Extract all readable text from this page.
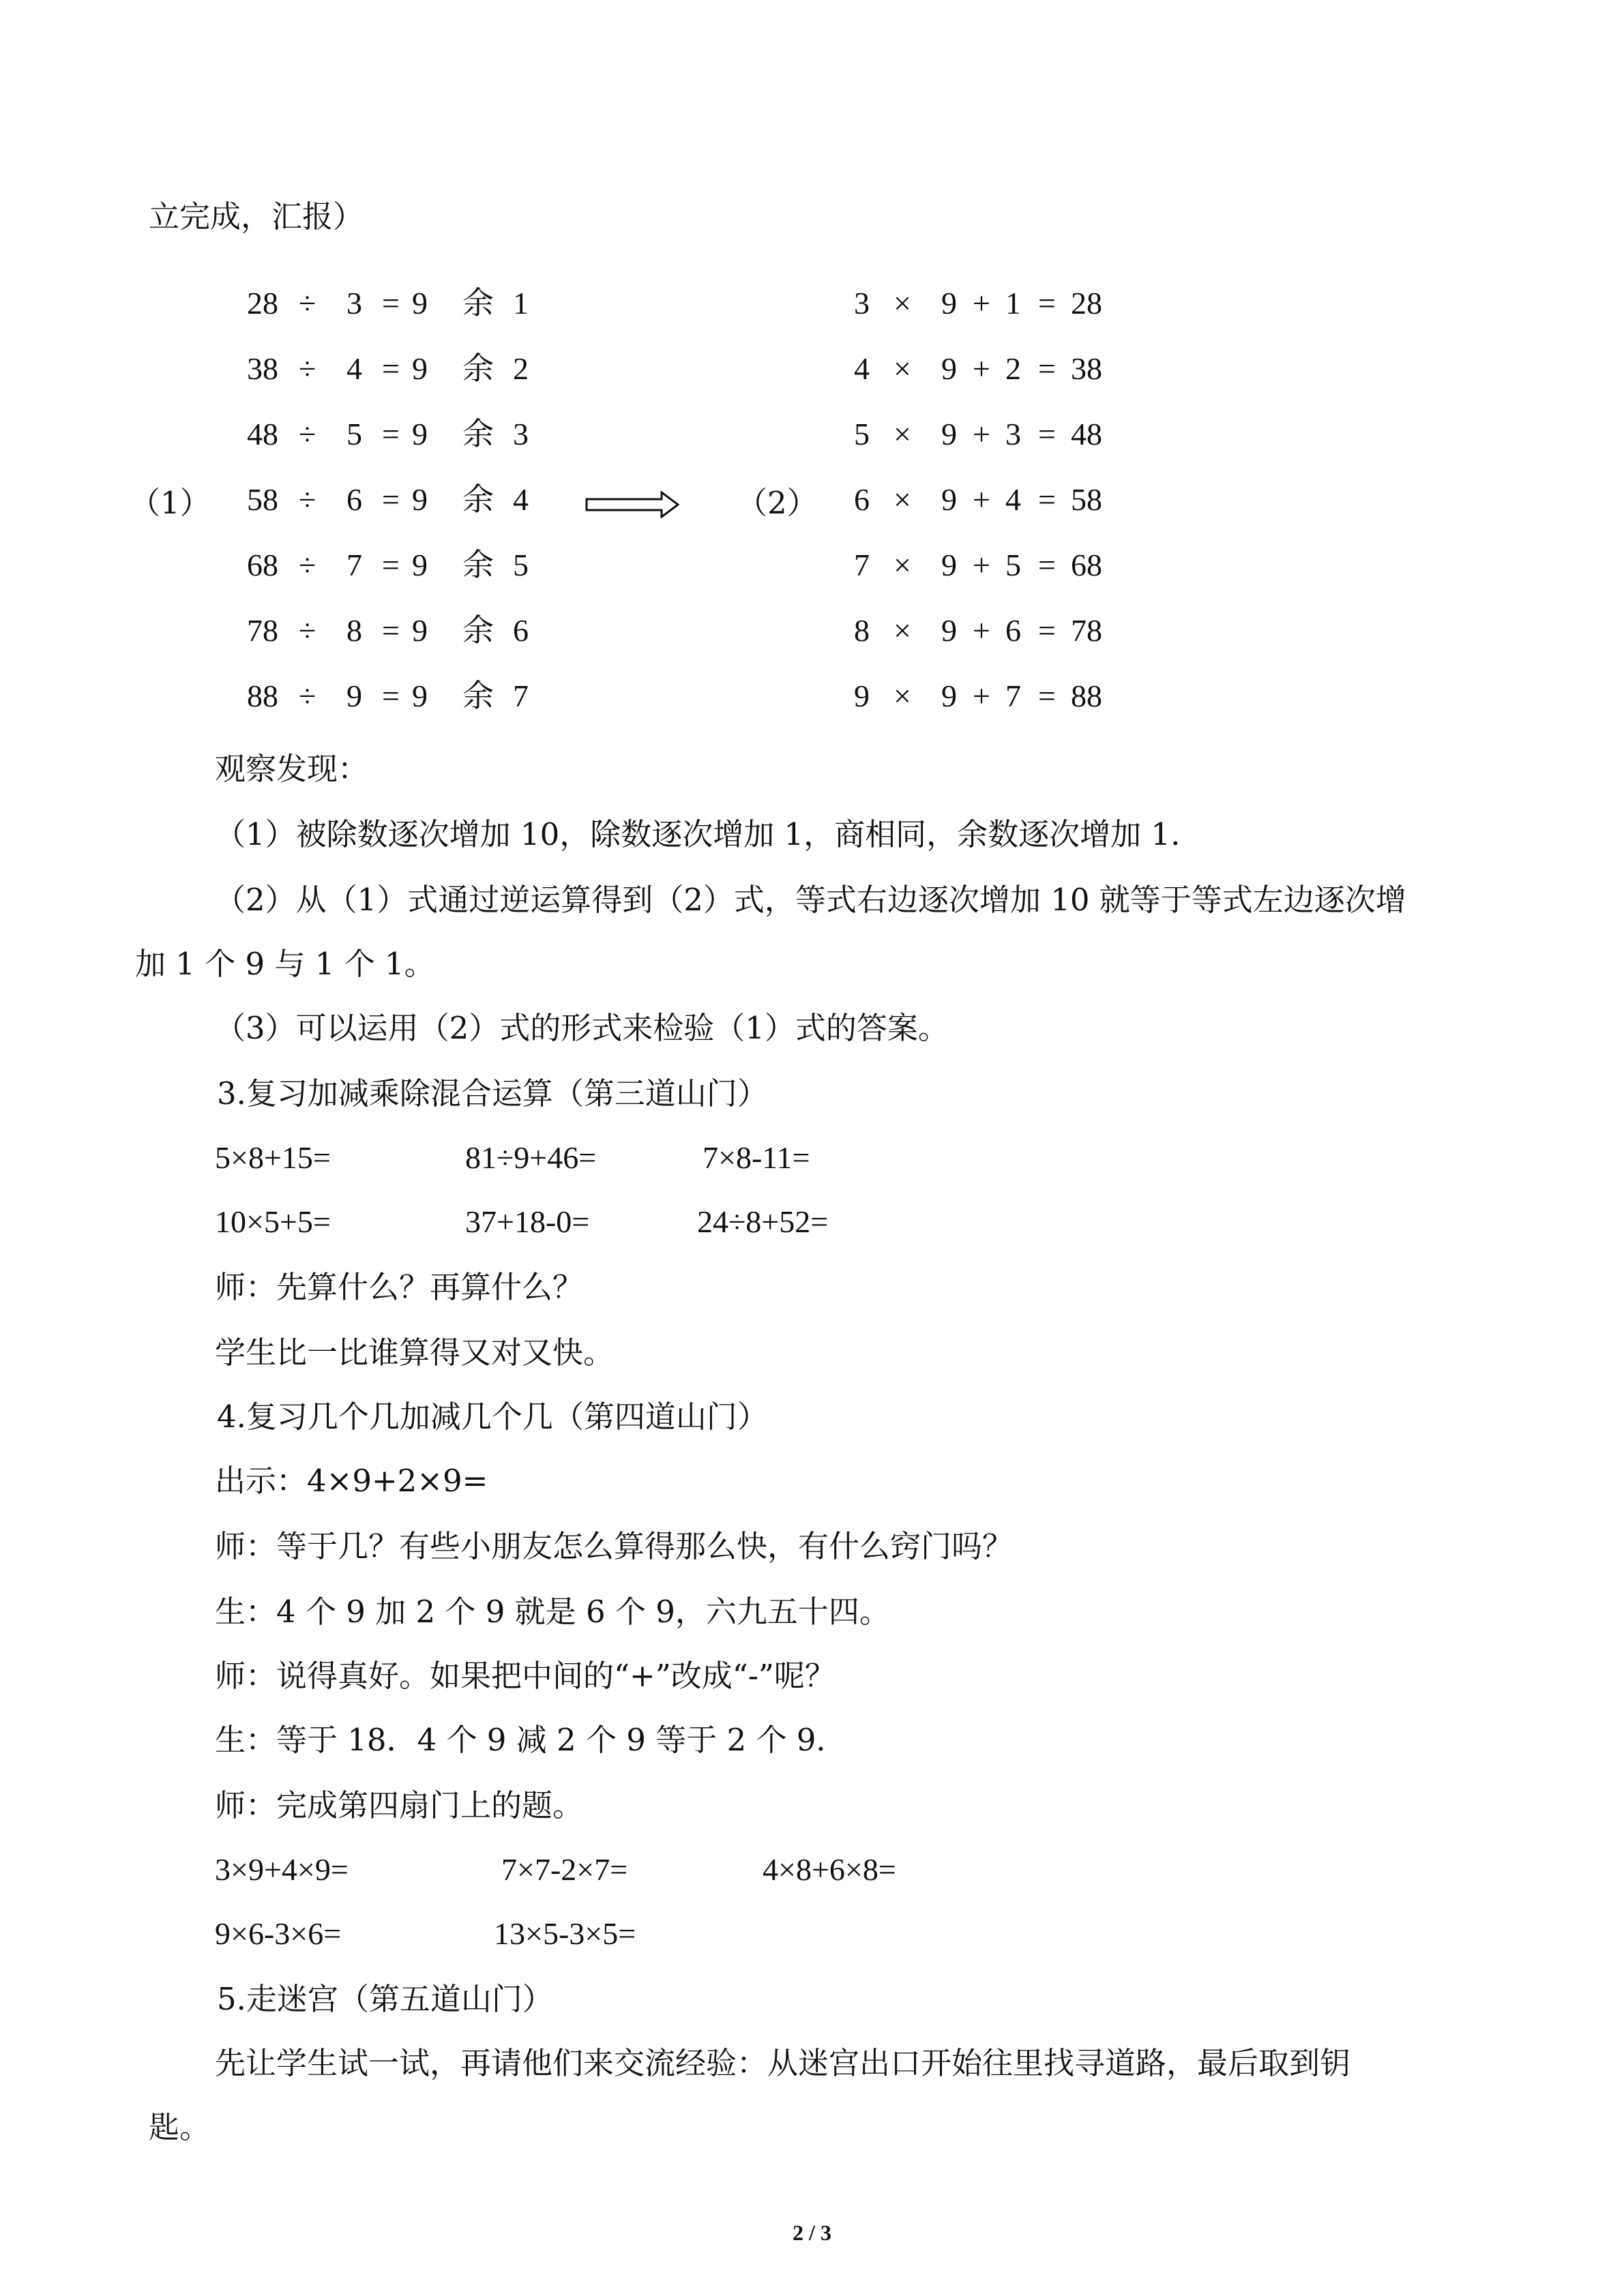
立完成，汇报）
（1）
28 ÷ 3 = 9 余 1
38 ÷ 4 = 9 余 2
48 ÷ 5 = 9 余 3
58 ÷ 6 = 9 余 4
68 ÷ 7 = 9 余 5
78 ÷ 8 = 9 余 6
88 ÷ 9 = 9 余 7
（2）
3 × 9 + 1 = 28
4 × 9 + 2 = 38
5 × 9 + 3 = 48
6 × 9 + 4 = 58
7 × 9 + 5 = 68
8 × 9 + 6 = 78
9 × 9 + 7 = 88
观察发现：
（1）被除数逐次增加 10，除数逐次增加 1，商相同，余数逐次增加 1.
（2）从（1）式通过逆运算得到（2）式，等式右边逐次增加 10 就等于等式左边逐次增
加 1 个 9 与 1 个 1。
（3）可以运用（2）式的形式来检验（1）式的答案。
3.复习加减乘除混合运算（第三道山门）
5×8+15=	81÷9+46=	7×8-11=
10×5+5=	37+18-0=	24÷8+52=
师：先算什么？再算什么？
学生比一比谁算得又对又快。
4.复习几个几加减几个几（第四道山门）
出示：4×9+2×9=
师：等于几？有些小朋友怎么算得那么快，有什么窍门吗？
生：4 个 9 加 2 个 9 就是 6 个 9，六九五十四。
师：说得真好。如果把中间的“+”改成“-”呢？
生：等于 18．4 个 9 减 2 个 9 等于 2 个 9．
师：完成第四扇门上的题。
3×9+4×9=	7×7-2×7=	4×8+6×8=
9×6-3×6=	13×5-3×5=
5.走迷宫（第五道山门）
先让学生试一试，再请他们来交流经验：从迷宫出口开始往里找寻道路，最后取到钥
匙。
2 / 3
